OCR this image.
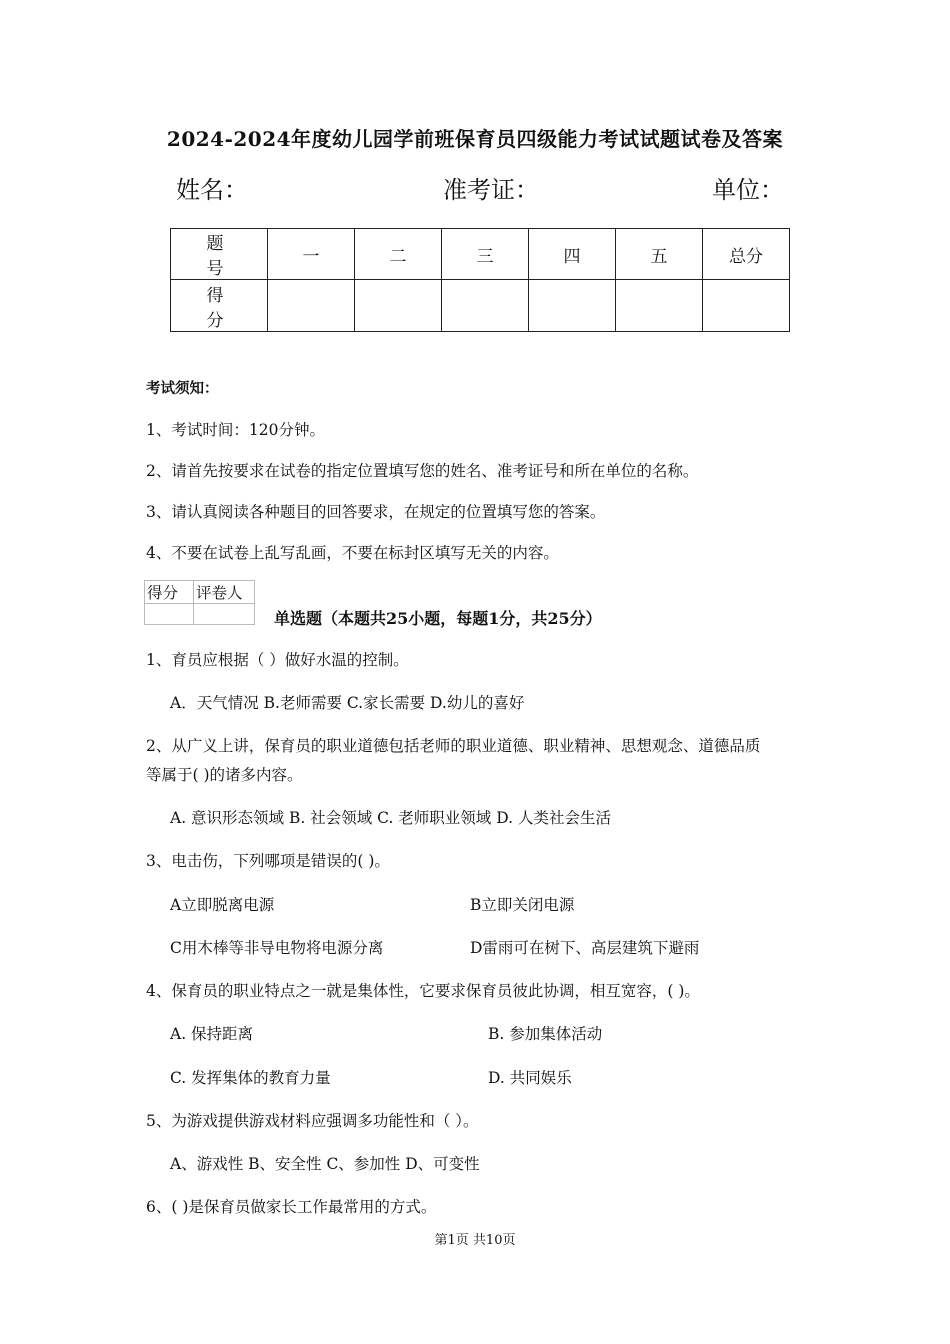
2024-2024年度幼儿园学前班保育员四级能力考试试题试卷及答案
姓名：	准考证：	单位：
题 号	一	二	三	四	五	总分
得 分						
考试须知：
1、考试时间：120分钟。
2、请首先按要求在试卷的指定位置填写您的姓名、准考证号和所在单位的名称。
3、请认真阅读各种题目的回答要求，在规定的位置填写您的答案。
4、不要在试卷上乱写乱画，不要在标封区填写无关的内容。
得分	评卷人

单选题（本题共25小题，每题1分，共25分）
1、育员应根据（ ）做好水温的控制。
A．天气情况 B.老师需要 C.家长需要 D.幼儿的喜好
2、从广义上讲，保育员的职业道德包括老师的职业道德、职业精神、思想观念、道德品质
等属于( )的诸多内容。
A. 意识形态领域 B. 社会领域 C. 老师职业领域 D. 人类社会生活
3、电击伤，下列哪项是错误的( )。
A立即脱离电源	B立即关闭电源
C用木棒等非导电物将电源分离	D雷雨可在树下、高层建筑下避雨
4、保育员的职业特点之一就是集体性，它要求保育员彼此协调，相互宽容，( )。
A. 保持距离	B. 参加集体活动
C. 发挥集体的教育力量	D. 共同娱乐
5、为游戏提供游戏材料应强调多功能性和（ ）。
A、游戏性 B、安全性 C、参加性 D、可变性
6、( )是保育员做家长工作最常用的方式。
第1页 共10页
